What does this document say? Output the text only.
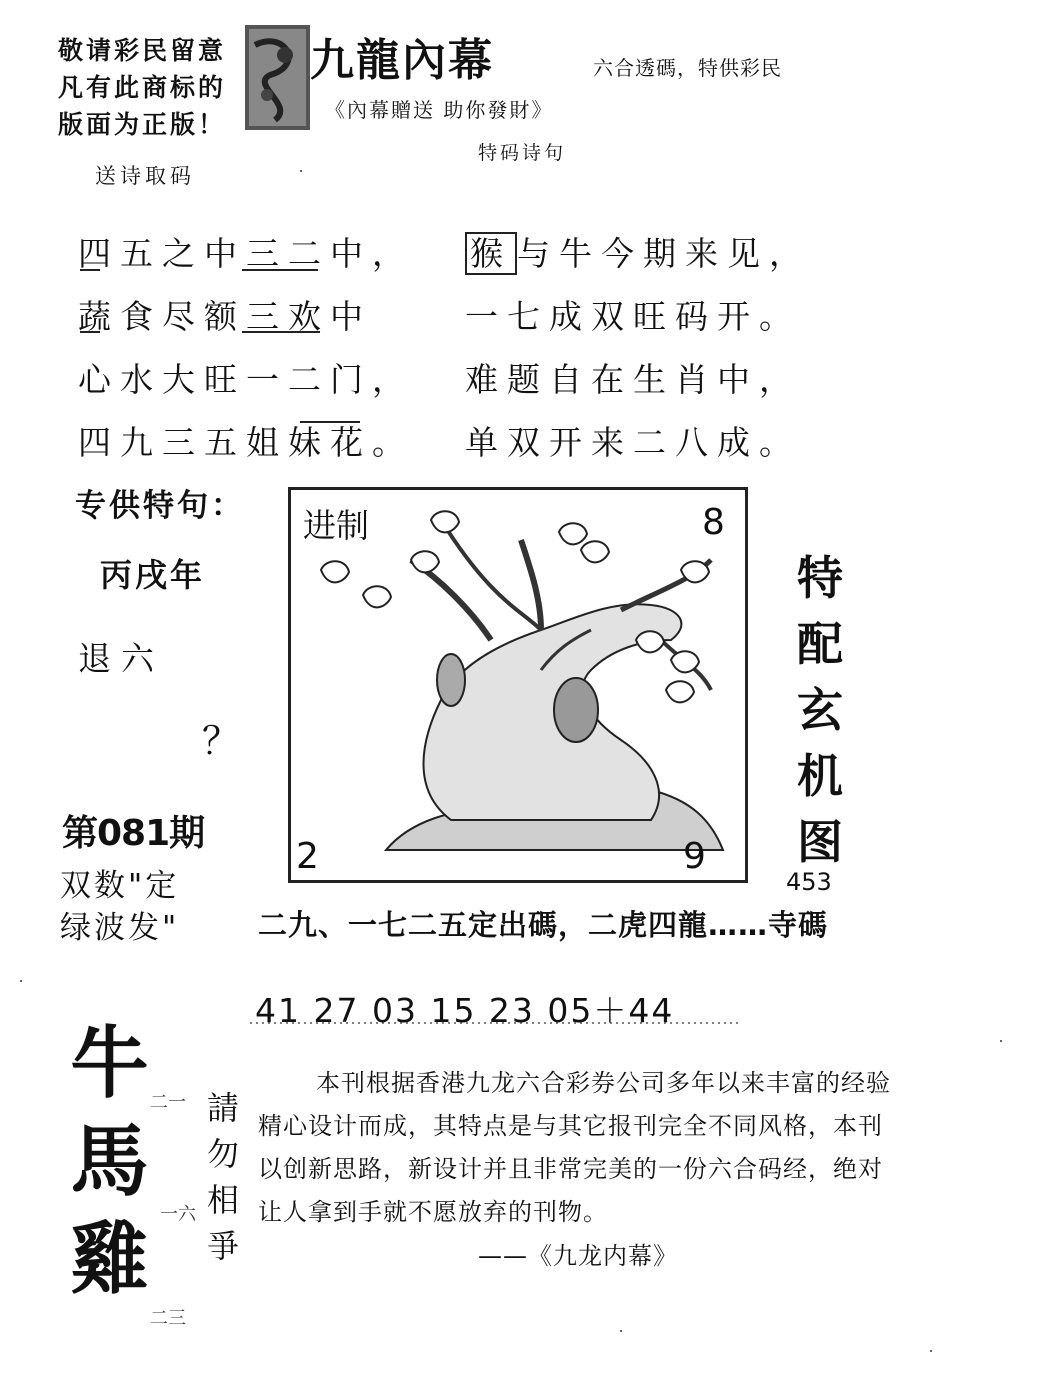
敬请彩民留意
凡有此商标的
版面为正版！
送诗取码
九龍內幕	六合透碼，特供彩民
《內幕贈送 助你發財》
特码诗句
四五之中三二中，
蔬食尽额三欢中
心水大旺一二门，
四九三五姐妹花。
猴 与牛今期来见，
一七成双旺码开。
难题自在生肖中，
单双开来二八成。
专供特句：
丙戌年
退六
？
第081期
双数"定
绿波发"
进制	8
2	9
特
配
玄
机
图
453
二九、一七二五定出碼，二虎四龍……寺碼
41 27 03 15 23 05＋44
牛
馬
雞
請
勿
相
爭
二一
一六
二三
本刊根据香港九龙六合彩券公司多年以来丰富的经验精心设计而成，其特点是与其它报刊完全不同风格，本刊以创新思路，新设计并且非常完美的一份六合码经，绝对让人拿到手就不愿放弃的刊物。
——《九龙内幕》
